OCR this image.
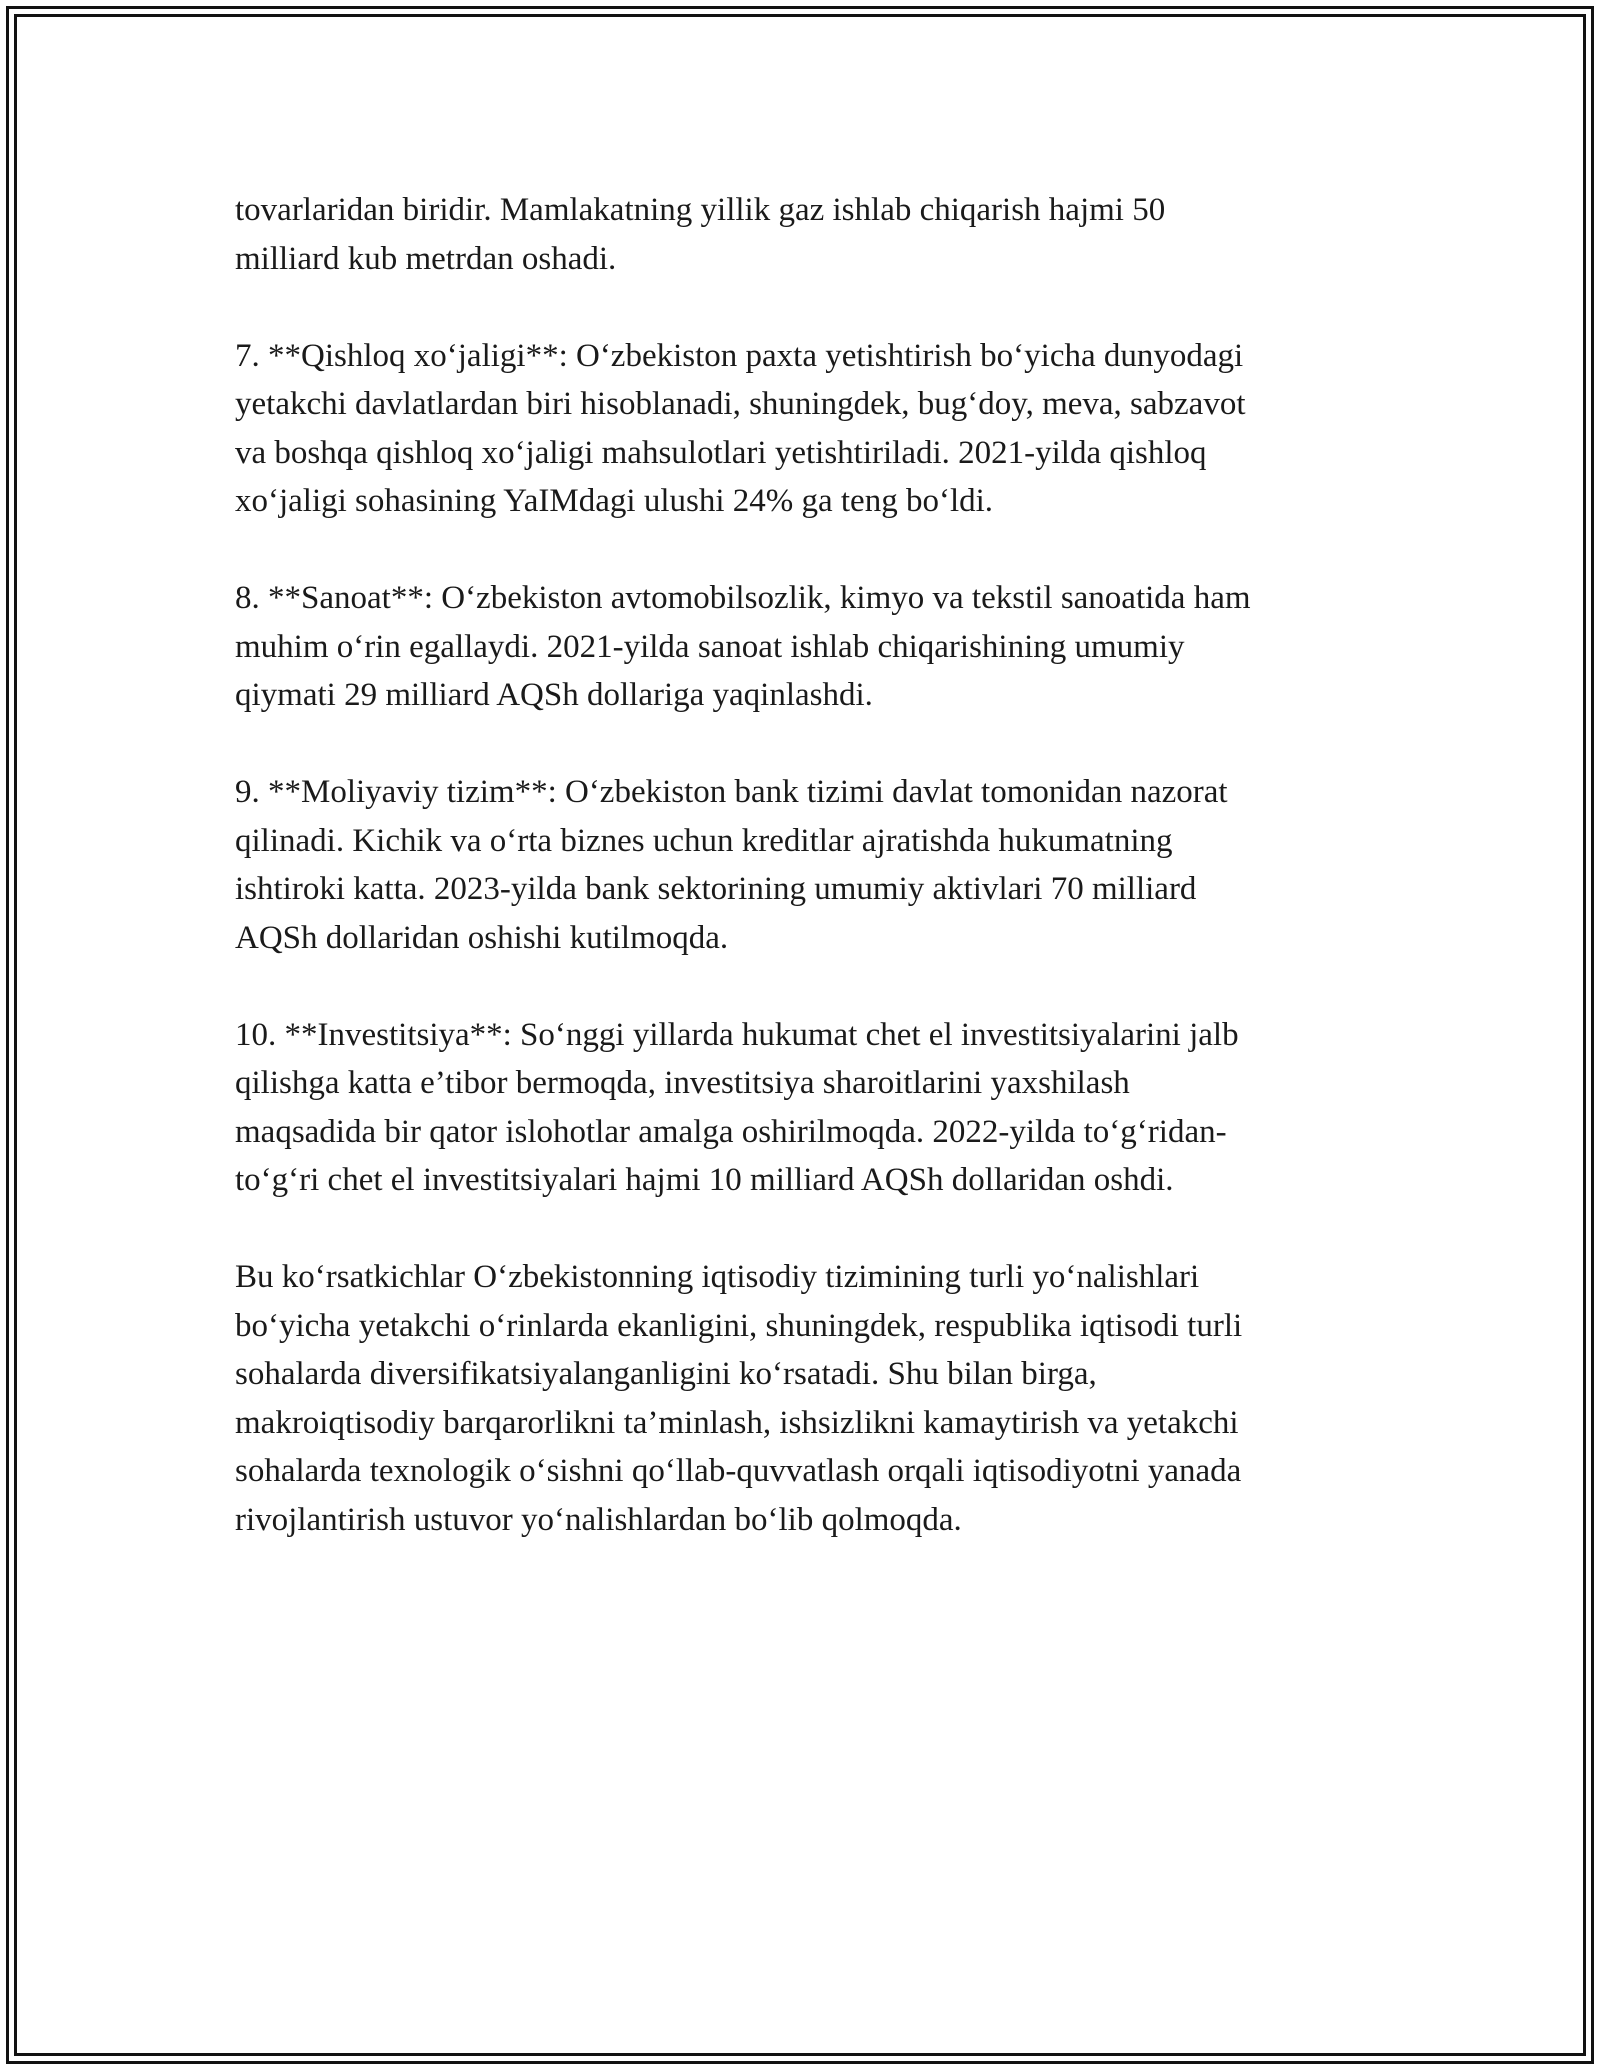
tovarlaridan biridir. Mamlakatning yillik gaz ishlab chiqarish hajmi 50
milliard kub metrdan oshadi.

7. **Qishloq xo‘jaligi**: O‘zbekiston paxta yetishtirish bo‘yicha dunyodagi
yetakchi davlatlardan biri hisoblanadi, shuningdek, bug‘doy, meva, sabzavot
va boshqa qishloq xo‘jaligi mahsulotlari yetishtiriladi. 2021-yilda qishloq
xo‘jaligi sohasining YaIMdagi ulushi 24% ga teng bo‘ldi.

8. **Sanoat**: O‘zbekiston avtomobilsozlik, kimyo va tekstil sanoatida ham
muhim o‘rin egallaydi. 2021-yilda sanoat ishlab chiqarishining umumiy
qiymati 29 milliard AQSh dollariga yaqinlashdi.

9. **Moliyaviy tizim**: O‘zbekiston bank tizimi davlat tomonidan nazorat
qilinadi. Kichik va o‘rta biznes uchun kreditlar ajratishda hukumatning
ishtiroki katta. 2023-yilda bank sektorining umumiy aktivlari 70 milliard
AQSh dollaridan oshishi kutilmoqda.

10. **Investitsiya**: So‘nggi yillarda hukumat chet el investitsiyalarini jalb
qilishga katta e’tibor bermoqda, investitsiya sharoitlarini yaxshilash
maqsadida bir qator islohotlar amalga oshirilmoqda. 2022-yilda to‘g‘ridan-
to‘g‘ri chet el investitsiyalari hajmi 10 milliard AQSh dollaridan oshdi.

Bu ko‘rsatkichlar O‘zbekistonning iqtisodiy tizimining turli yo‘nalishlari
bo‘yicha yetakchi o‘rinlarda ekanligini, shuningdek, respublika iqtisodi turli
sohalarda diversifikatsiyalanganligini ko‘rsatadi. Shu bilan birga,
makroiqtisodiy barqarorlikni ta’minlash, ishsizlikni kamaytirish va yetakchi
sohalarda texnologik o‘sishni qo‘llab-quvvatlash orqali iqtisodiyotni yanada
rivojlantirish ustuvor yo‘nalishlardan bo‘lib qolmoqda.
